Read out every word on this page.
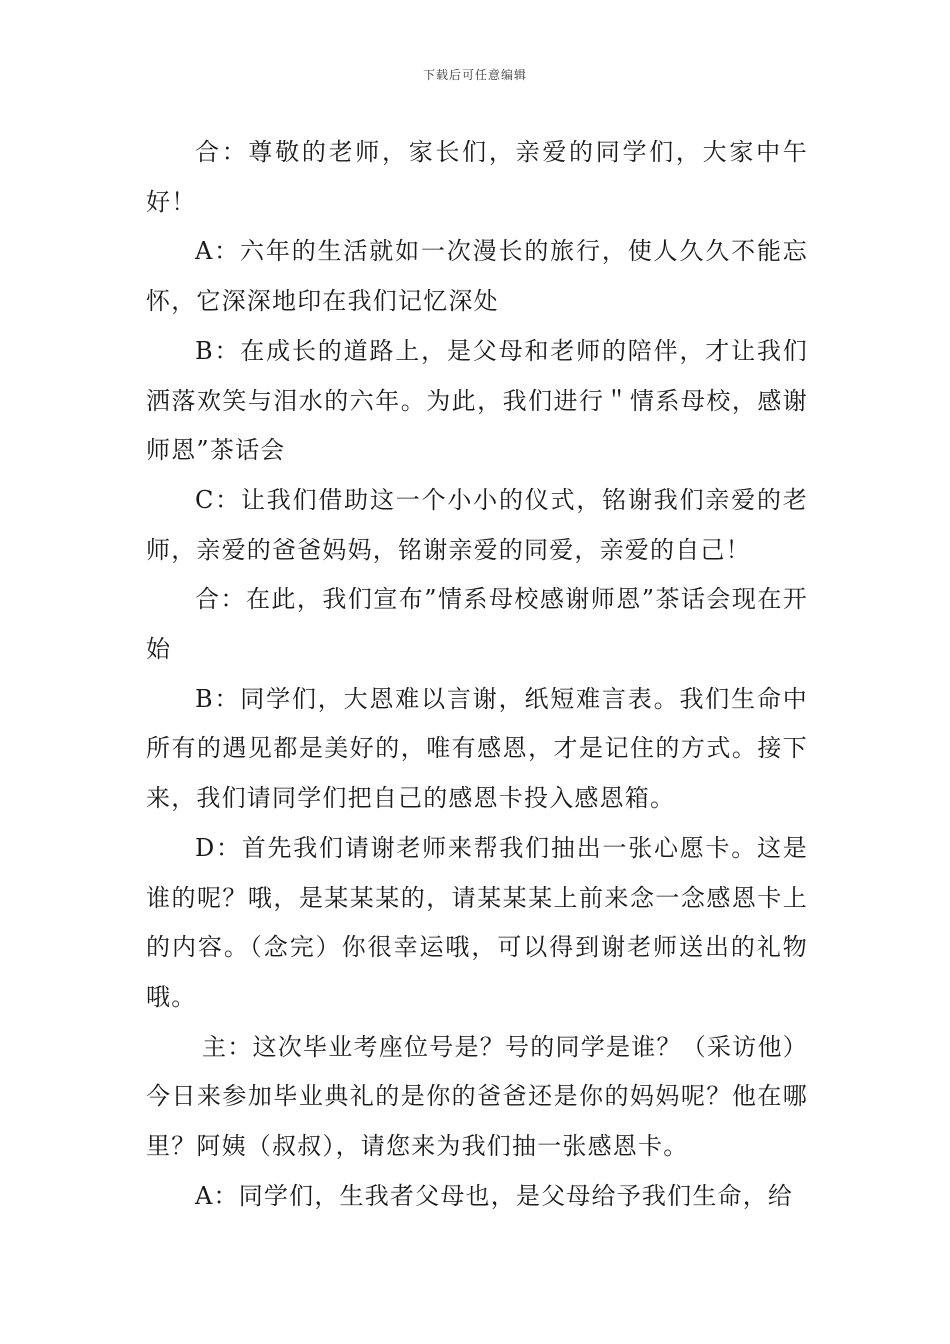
下载后可任意编辑

合：尊敬的老师，家长们，亲爱的同学们，大家中午好！

A：六年的生活就如一次漫长的旅行，使人久久不能忘怀，它深深地印在我们记忆深处

B：在成长的道路上，是父母和老师的陪伴，才让我们洒落欢笑与泪水的六年。为此，我们进行＂情系母校，感谢师恩”茶话会

C：让我们借助这一个小小的仪式，铭谢我们亲爱的老师，亲爱的爸爸妈妈，铭谢亲爱的同爱，亲爱的自己！

合：在此，我们宣布”情系母校感谢师恩”茶话会现在开始

B：同学们，大恩难以言谢，纸短难言表。我们生命中所有的遇见都是美好的，唯有感恩，才是记住的方式。接下来，我们请同学们把自己的感恩卡投入感恩箱。

D：首先我们请谢老师来帮我们抽出一张心愿卡。这是谁的呢？哦，是某某某的，请某某某上前来念一念感恩卡上的内容。（念完）你很幸运哦，可以得到谢老师送出的礼物哦。

主：这次毕业考座位号是？号的同学是谁？（采访他）今日来参加毕业典礼的是你的爸爸还是你的妈妈呢？他在哪里？阿姨（叔叔），请您来为我们抽一张感恩卡。

A：同学们，生我者父母也，是父母给予我们生命，给
